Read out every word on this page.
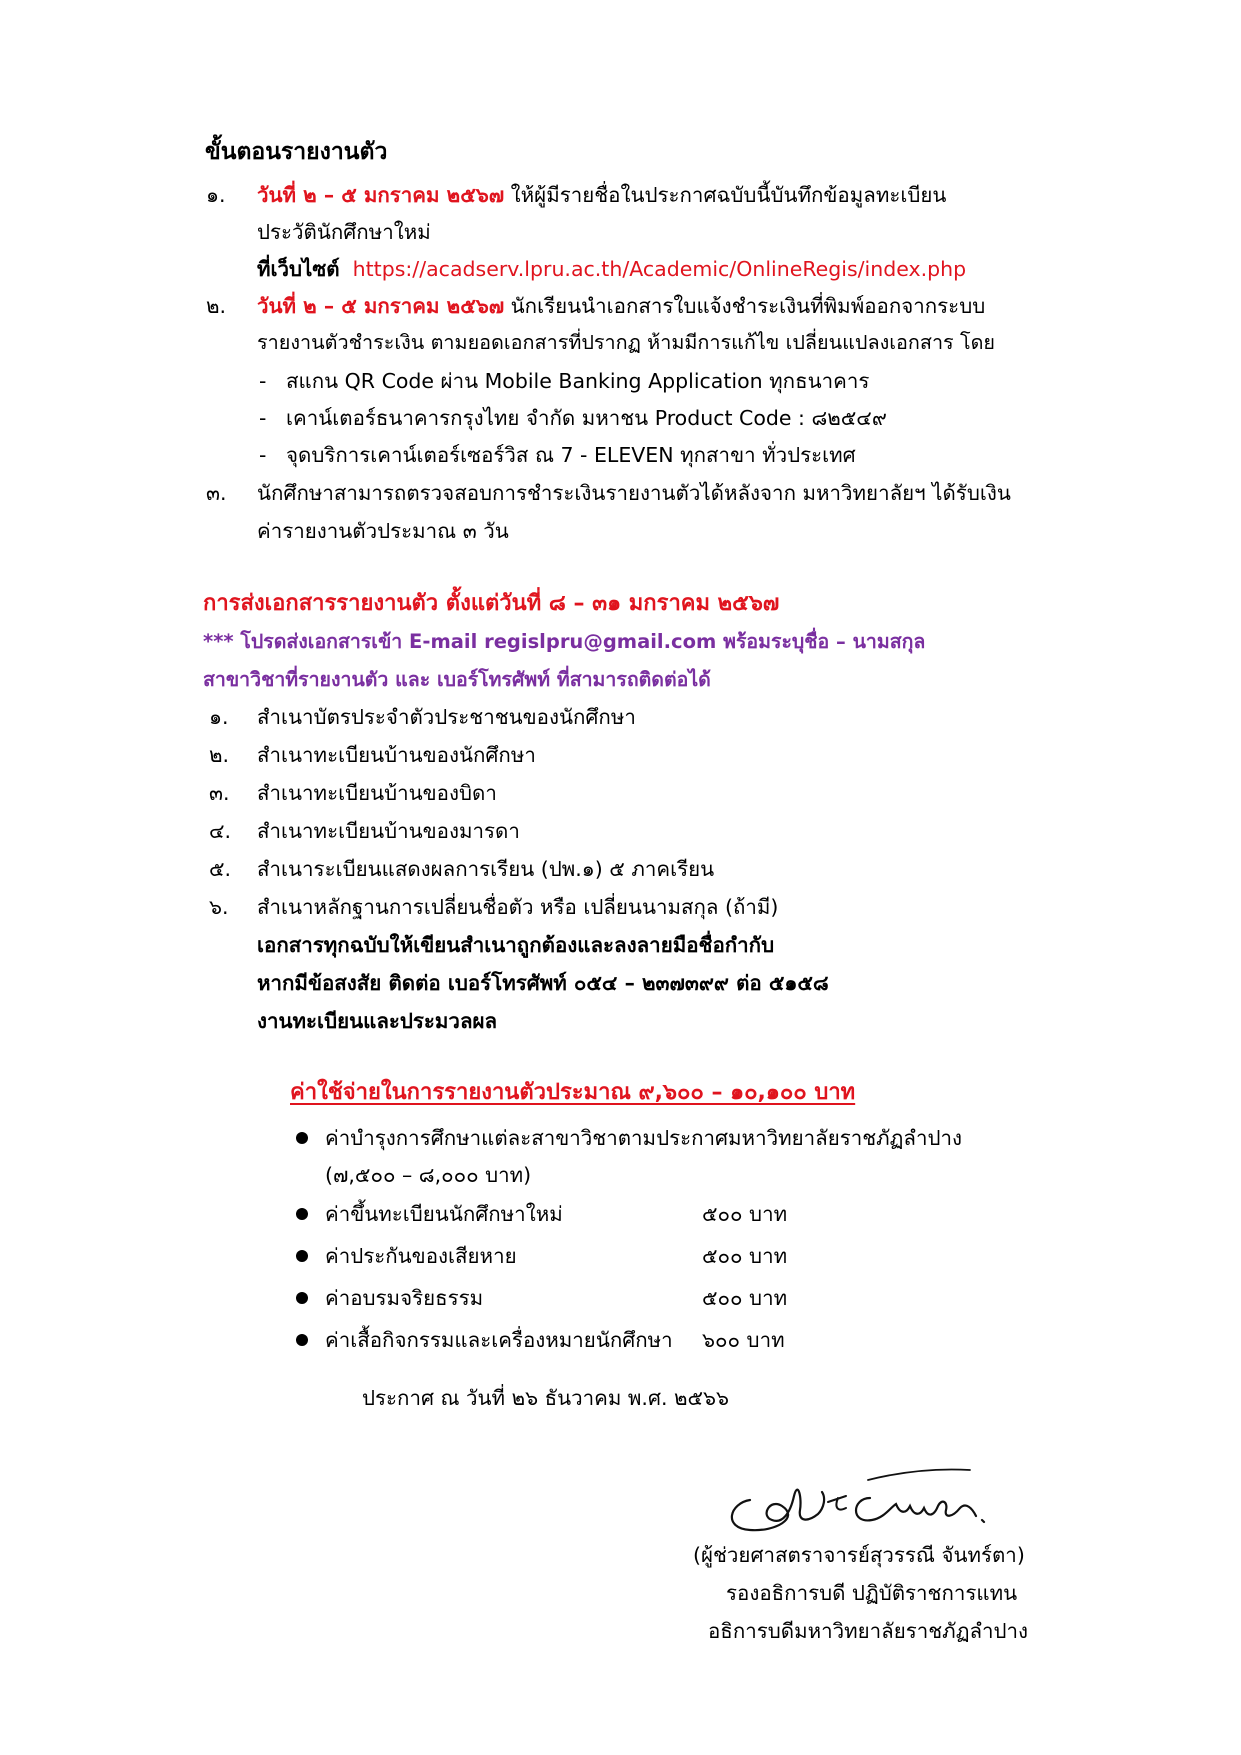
ขั้นตอนรายงานตัว
๑. วันที่ ๒ – ๕ มกราคม ๒๕๖๗ ให้ผู้มีรายชื่อในประกาศฉบับนี้บันทึกข้อมูลทะเบียน
ประวัตินักศึกษาใหม่
ที่เว็บไซต์ https://acadserv.lpru.ac.th/Academic/OnlineRegis/index.php
๒. วันที่ ๒ – ๕ มกราคม ๒๕๖๗ นักเรียนนำเอกสารใบแจ้งชำระเงินที่พิมพ์ออกจากระบบ
รายงานตัวชำระเงิน ตามยอดเอกสารที่ปรากฏ ห้ามมีการแก้ไข เปลี่ยนแปลงเอกสาร โดย
- สแกน QR Code ผ่าน Mobile Banking Application ทุกธนาคาร
- เคาน์เตอร์ธนาคารกรุงไทย จำกัด มหาชน Product Code : ๘๒๕๔๙
- จุดบริการเคาน์เตอร์เซอร์วิส ณ 7 - ELEVEN ทุกสาขา ทั่วประเทศ
๓. นักศึกษาสามารถตรวจสอบการชำระเงินรายงานตัวได้หลังจาก มหาวิทยาลัยฯ ได้รับเงิน
ค่ารายงานตัวประมาณ ๓ วัน
การส่งเอกสารรายงานตัว ตั้งแต่วันที่ ๘ – ๓๑ มกราคม ๒๕๖๗
*** โปรดส่งเอกสารเข้า E-mail regislpru@gmail.com พร้อมระบุชื่อ – นามสกุล
สาขาวิชาที่รายงานตัว และ เบอร์โทรศัพท์ ที่สามารถติดต่อได้
๑. สำเนาบัตรประจำตัวประชาชนของนักศึกษา
๒. สำเนาทะเบียนบ้านของนักศึกษา
๓. สำเนาทะเบียนบ้านของบิดา
๔. สำเนาทะเบียนบ้านของมารดา
๕. สำเนาระเบียนแสดงผลการเรียน (ปพ.๑) ๕ ภาคเรียน
๖. สำเนาหลักฐานการเปลี่ยนชื่อตัว หรือ เปลี่ยนนามสกุล (ถ้ามี)
เอกสารทุกฉบับให้เขียนสำเนาถูกต้องและลงลายมือชื่อกำกับ
หากมีข้อสงสัย ติดต่อ เบอร์โทรศัพท์ ๐๕๔ – ๒๓๗๓๙๙ ต่อ ๕๑๕๘
งานทะเบียนและประมวลผล
ค่าใช้จ่ายในการรายงานตัวประมาณ ๙,๖๐๐ – ๑๐,๑๐๐ บาท
ค่าบำรุงการศึกษาแต่ละสาขาวิชาตามประกาศมหาวิทยาลัยราชภัฏลำปาง
(๗,๕๐๐ – ๘,๐๐๐ บาท)
ค่าขึ้นทะเบียนนักศึกษาใหม่	๕๐๐ บาท
ค่าประกันของเสียหาย	๕๐๐ บาท
ค่าอบรมจริยธรรม	๕๐๐ บาท
ค่าเสื้อกิจกรรมและเครื่องหมายนักศึกษา ๖๐๐ บาท
ประกาศ ณ วันที่ ๒๖ ธันวาคม พ.ศ. ๒๕๖๖
(ผู้ช่วยศาสตราจารย์สุวรรณี จันทร์ตา)
รองอธิการบดี ปฏิบัติราชการแทน
อธิการบดีมหาวิทยาลัยราชภัฏลำปาง
